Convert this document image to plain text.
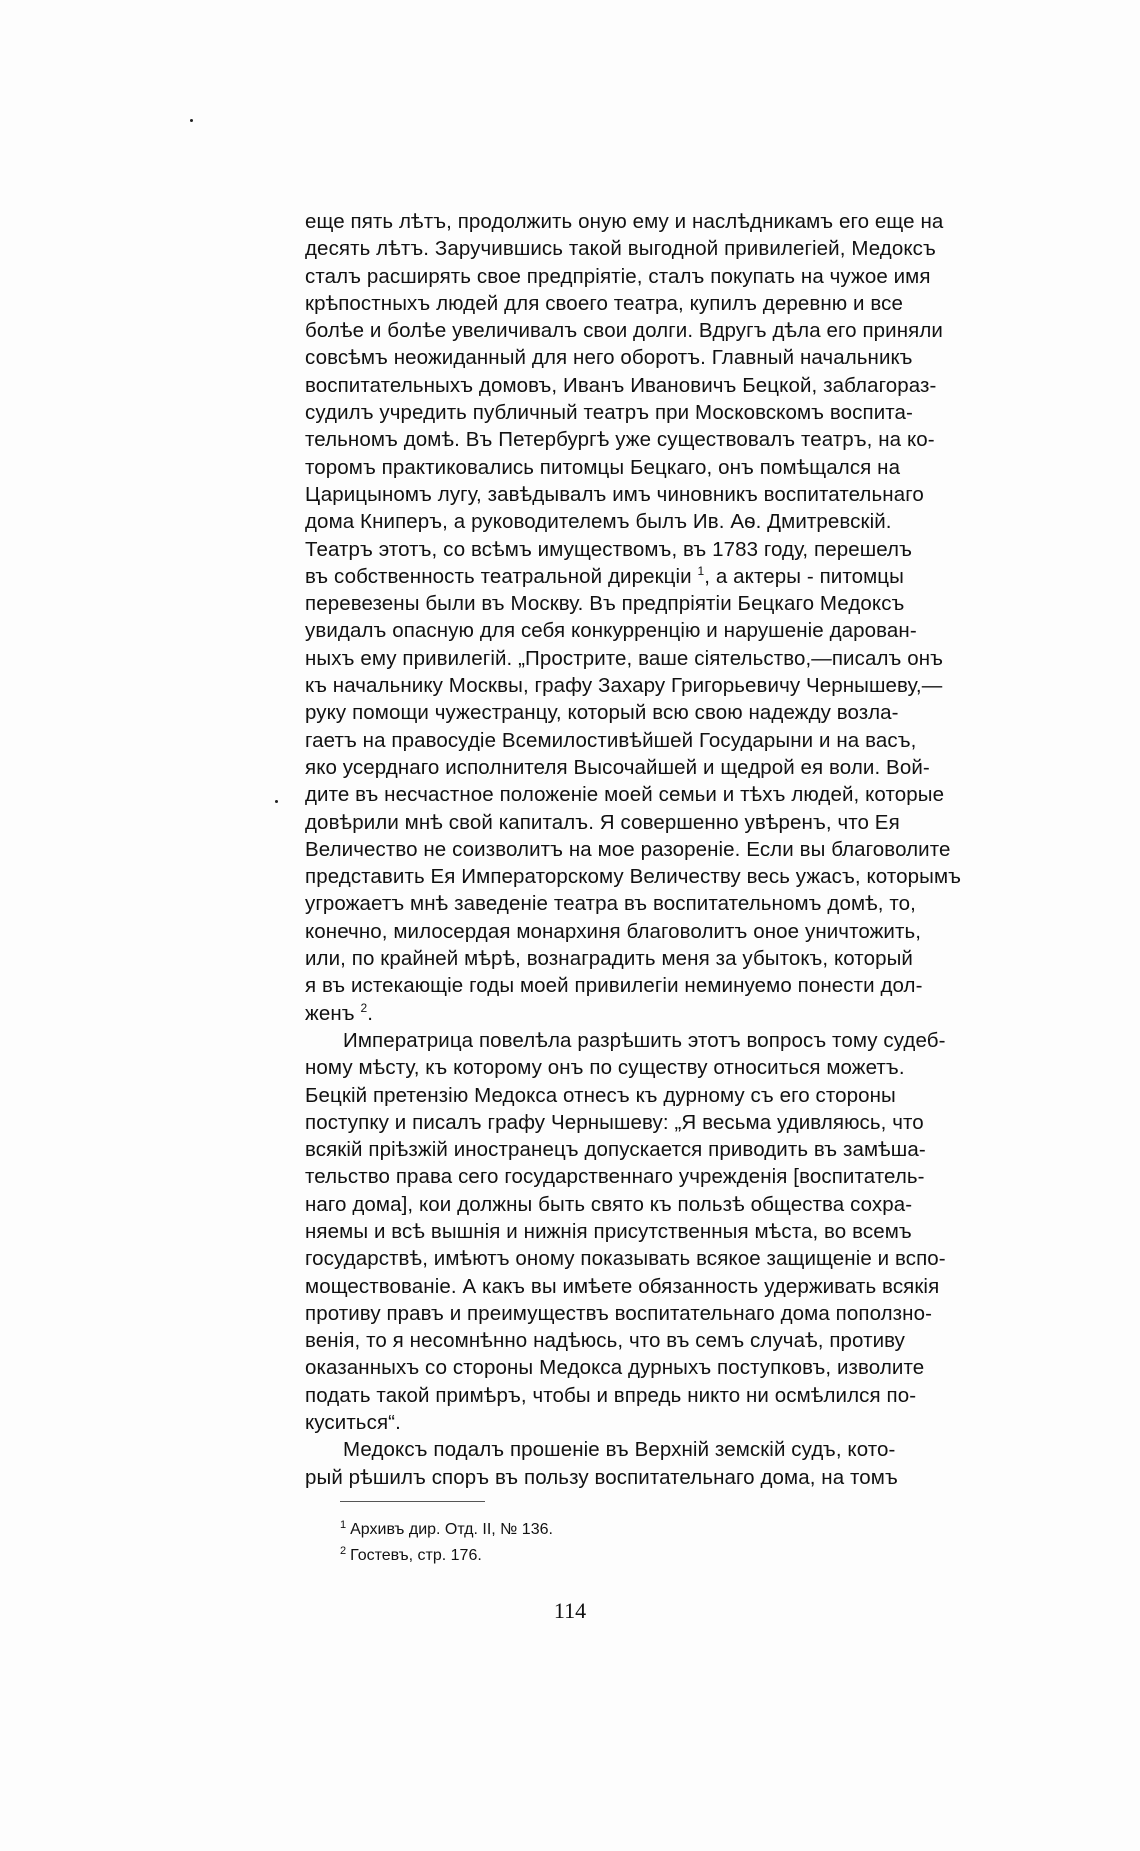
еще пять лѣтъ, продолжить оную ему и наслѣдникамъ его еще на
десять лѣтъ. Заручившись такой выгодной привилегiей, Медоксъ
сталъ расширять свое предпрiятiе, сталъ покупать на чужое имя
крѣпостныхъ людей для своего театра, купилъ деревню и все
болѣе и болѣе увеличивалъ свои долги. Вдругъ дѣла его приняли
совсѣмъ неожиданный для него оборотъ. Главный начальникъ
воспитательныхъ домовъ, Иванъ Ивановичъ Бецкой, заблагораз-
судилъ учредить публичный театръ при Московскомъ воспита-
тельномъ домѣ. Въ Петербургѣ уже существовалъ театръ, на ко-
торомъ практиковались питомцы Бецкаго, онъ помѣщался на
Царицыномъ лугу, завѣдывалъ имъ чиновникъ воспитательнаго
дома Книперъ, а руководителемъ былъ Ив. Аѳ. Дмитревскiй.
Театръ этотъ, со всѣмъ имуществомъ, въ 1783 году, перешелъ
въ собственность театральной дирекцiи $^1$, а актеры - питомцы
перевезены были въ Москву. Въ предпрiятiи Бецкаго Медоксъ
увидалъ опасную для себя конкурренцiю и нарушенiе дарован-
ныхъ ему привилегiй. „Прострите, ваше сiятельство,—писалъ онъ
къ начальнику Москвы, графу Захару Григорьевичу Чернышеву,—
руку помощи чужестранцу, который всю свою надежду возла-
гаетъ на правосудiе Всемилостивѣйшей Государыни и на васъ,
яко усерднаго исполнителя Высочайшей и щедрой ея воли. Вой-
дите въ несчастное положенiе моей семьи и тѣхъ людей, которые
довѣрили мнѣ свой капиталъ. Я совершенно увѣренъ, что Ея
Величество не соизволитъ на мое разоренiе. Если вы благоволите
представить Ея Императорскому Величеству весь ужасъ, которымъ
угрожаетъ мнѣ заведенiе театра въ воспитательномъ домѣ, то,
конечно, милосердая монархиня благоволитъ оное уничтожить,
или, по крайней мѣрѣ, вознаградить меня за убытокъ, который
я въ истекающiе годы моей привилегiи неминуемо понести дол-
женъ $^2$.

Императрица повелѣла разрѣшить этотъ вопросъ тому судеб-
ному мѣсту, къ которому онъ по существу относиться можетъ.
Бецкiй претензiю Медокса отнесъ къ дурному съ его стороны
поступку и писалъ графу Чернышеву: „Я весьма удивляюсь, что
всякiй прiѣзжiй иностранецъ допускается приводить въ замѣша-
тельство права сего государственнаго учрежденiя [воспитатель-
наго дома], кои должны быть свято къ пользѣ общества сохра-
няемы и всѣ вышнiя и нижнiя присутственныя мѣста, во всемъ
государствѣ, имѣютъ оному показывать всякое защищенiе и вспо-
моществованiе. А какъ вы имѣете обязанность удерживать всякiя
противу правъ и преимуществъ воспитательнаго дома поползно-
венiя, то я несомнѣнно надѣюсь, что въ семъ случаѣ, противу
оказанныхъ со стороны Медокса дурныхъ поступковъ, изволите
подать такой примѣръ, чтобы и впредь никто ни осмѣлился по-
куситься“.

Медоксъ подалъ прошенiе въ Верхнiй земскiй судъ, кото-
рый рѣшилъ споръ въ пользу воспитательнаго дома, на томъ

$^1$ Архивъ дир. Отд. II, № 136.
$^2$ Гостевъ, стр. 176.
114
